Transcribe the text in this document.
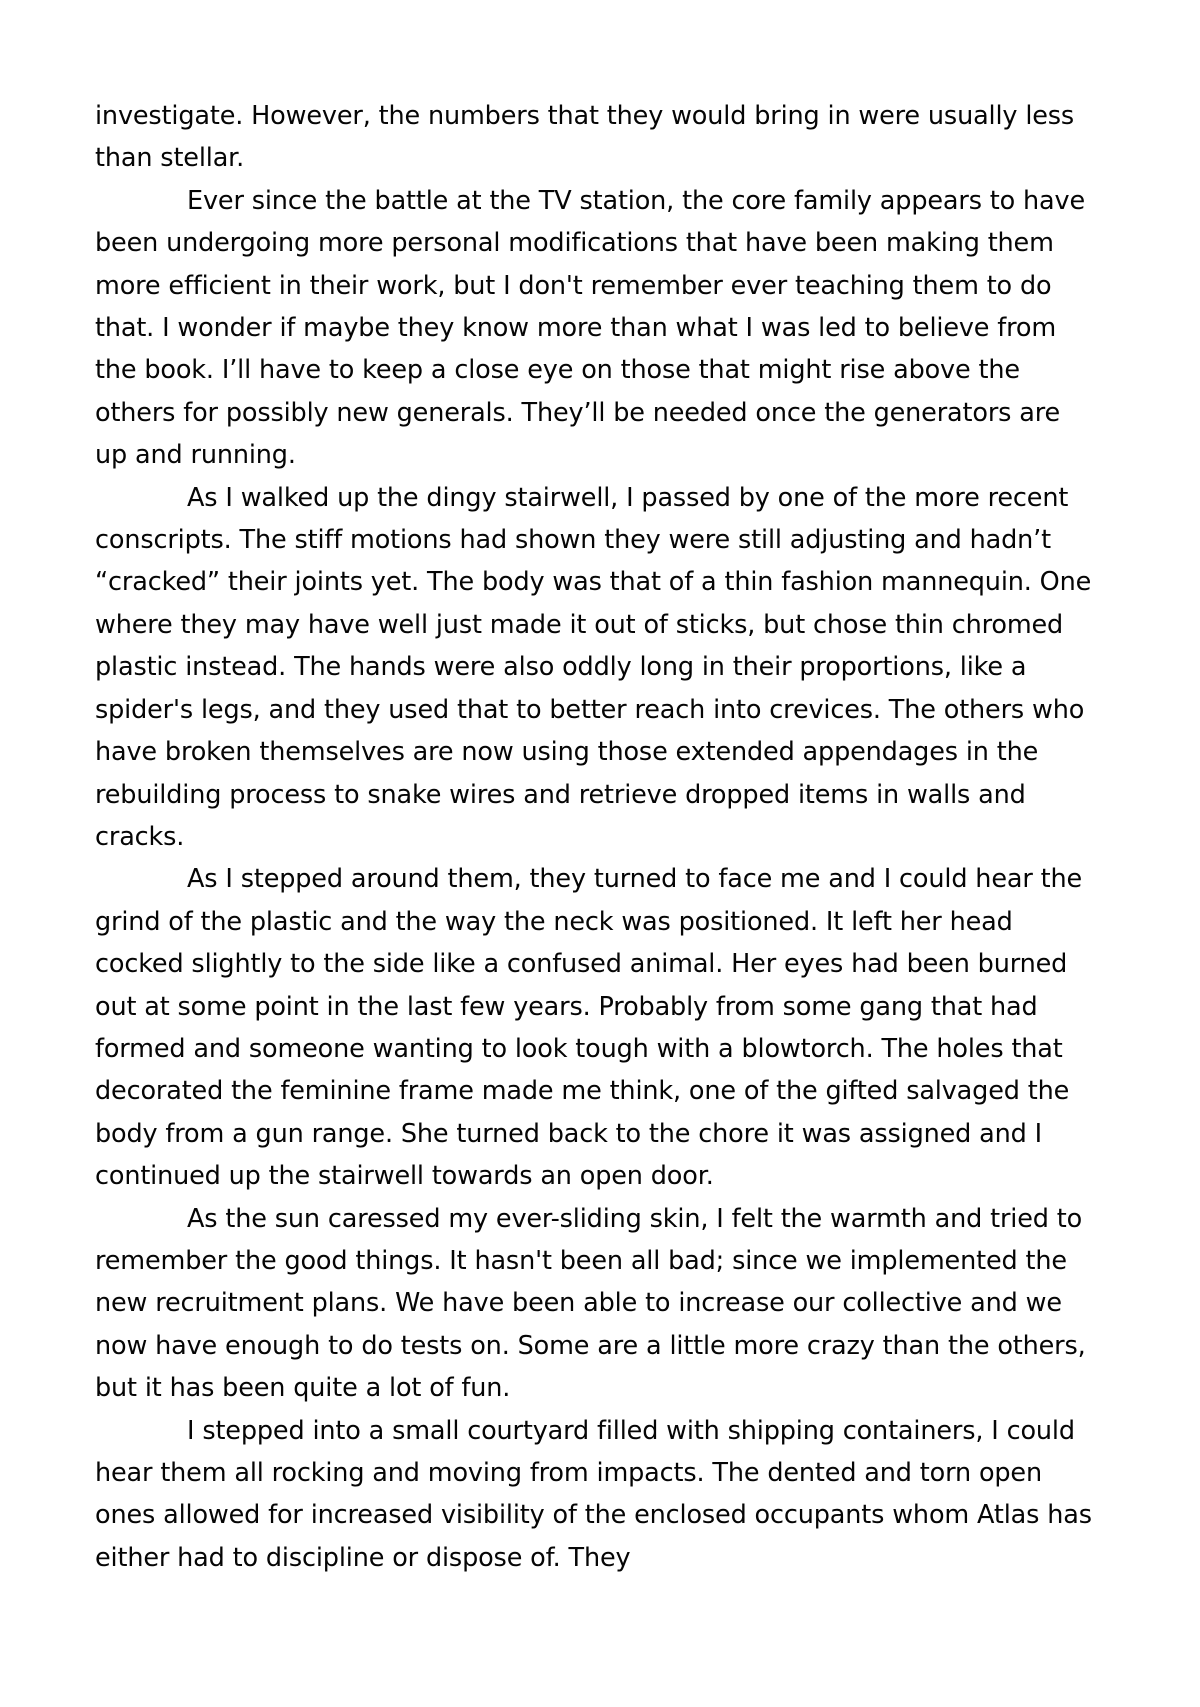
investigate. However, the numbers that they would bring in were usually less than stellar.

Ever since the battle at the TV station, the core family appears to have been undergoing more personal modifications that have been making them more efficient in their work, but I don't remember ever teaching them to do that. I wonder if maybe they know more than what I was led to believe from the book. I’ll have to keep a close eye on those that might rise above the others for possibly new generals. They’ll be needed once the generators are up and running.

As I walked up the dingy stairwell, I passed by one of the more recent conscripts. The stiff motions had shown they were still adjusting and hadn’t “cracked” their joints yet. The body was that of a thin fashion mannequin. One where they may have well just made it out of sticks, but chose thin chromed plastic instead. The hands were also oddly long in their proportions, like a spider's legs, and they used that to better reach into crevices. The others who have broken themselves are now using those extended appendages in the rebuilding process to snake wires and retrieve dropped items in walls and cracks.

As I stepped around them, they turned to face me and I could hear the grind of the plastic and the way the neck was positioned. It left her head cocked slightly to the side like a confused animal. Her eyes had been burned out at some point in the last few years. Probably from some gang that had formed and someone wanting to look tough with a blowtorch. The holes that decorated the feminine frame made me think, one of the gifted salvaged the body from a gun range. She turned back to the chore it was assigned and I continued up the stairwell towards an open door.

As the sun caressed my ever-sliding skin, I felt the warmth and tried to remember the good things. It hasn't been all bad; since we implemented the new recruitment plans. We have been able to increase our collective and we now have enough to do tests on. Some are a little more crazy than the others, but it has been quite a lot of fun.

I stepped into a small courtyard filled with shipping containers, I could hear them all rocking and moving from impacts. The dented and torn open ones allowed for increased visibility of the enclosed occupants whom Atlas has either had to discipline or dispose of. They
